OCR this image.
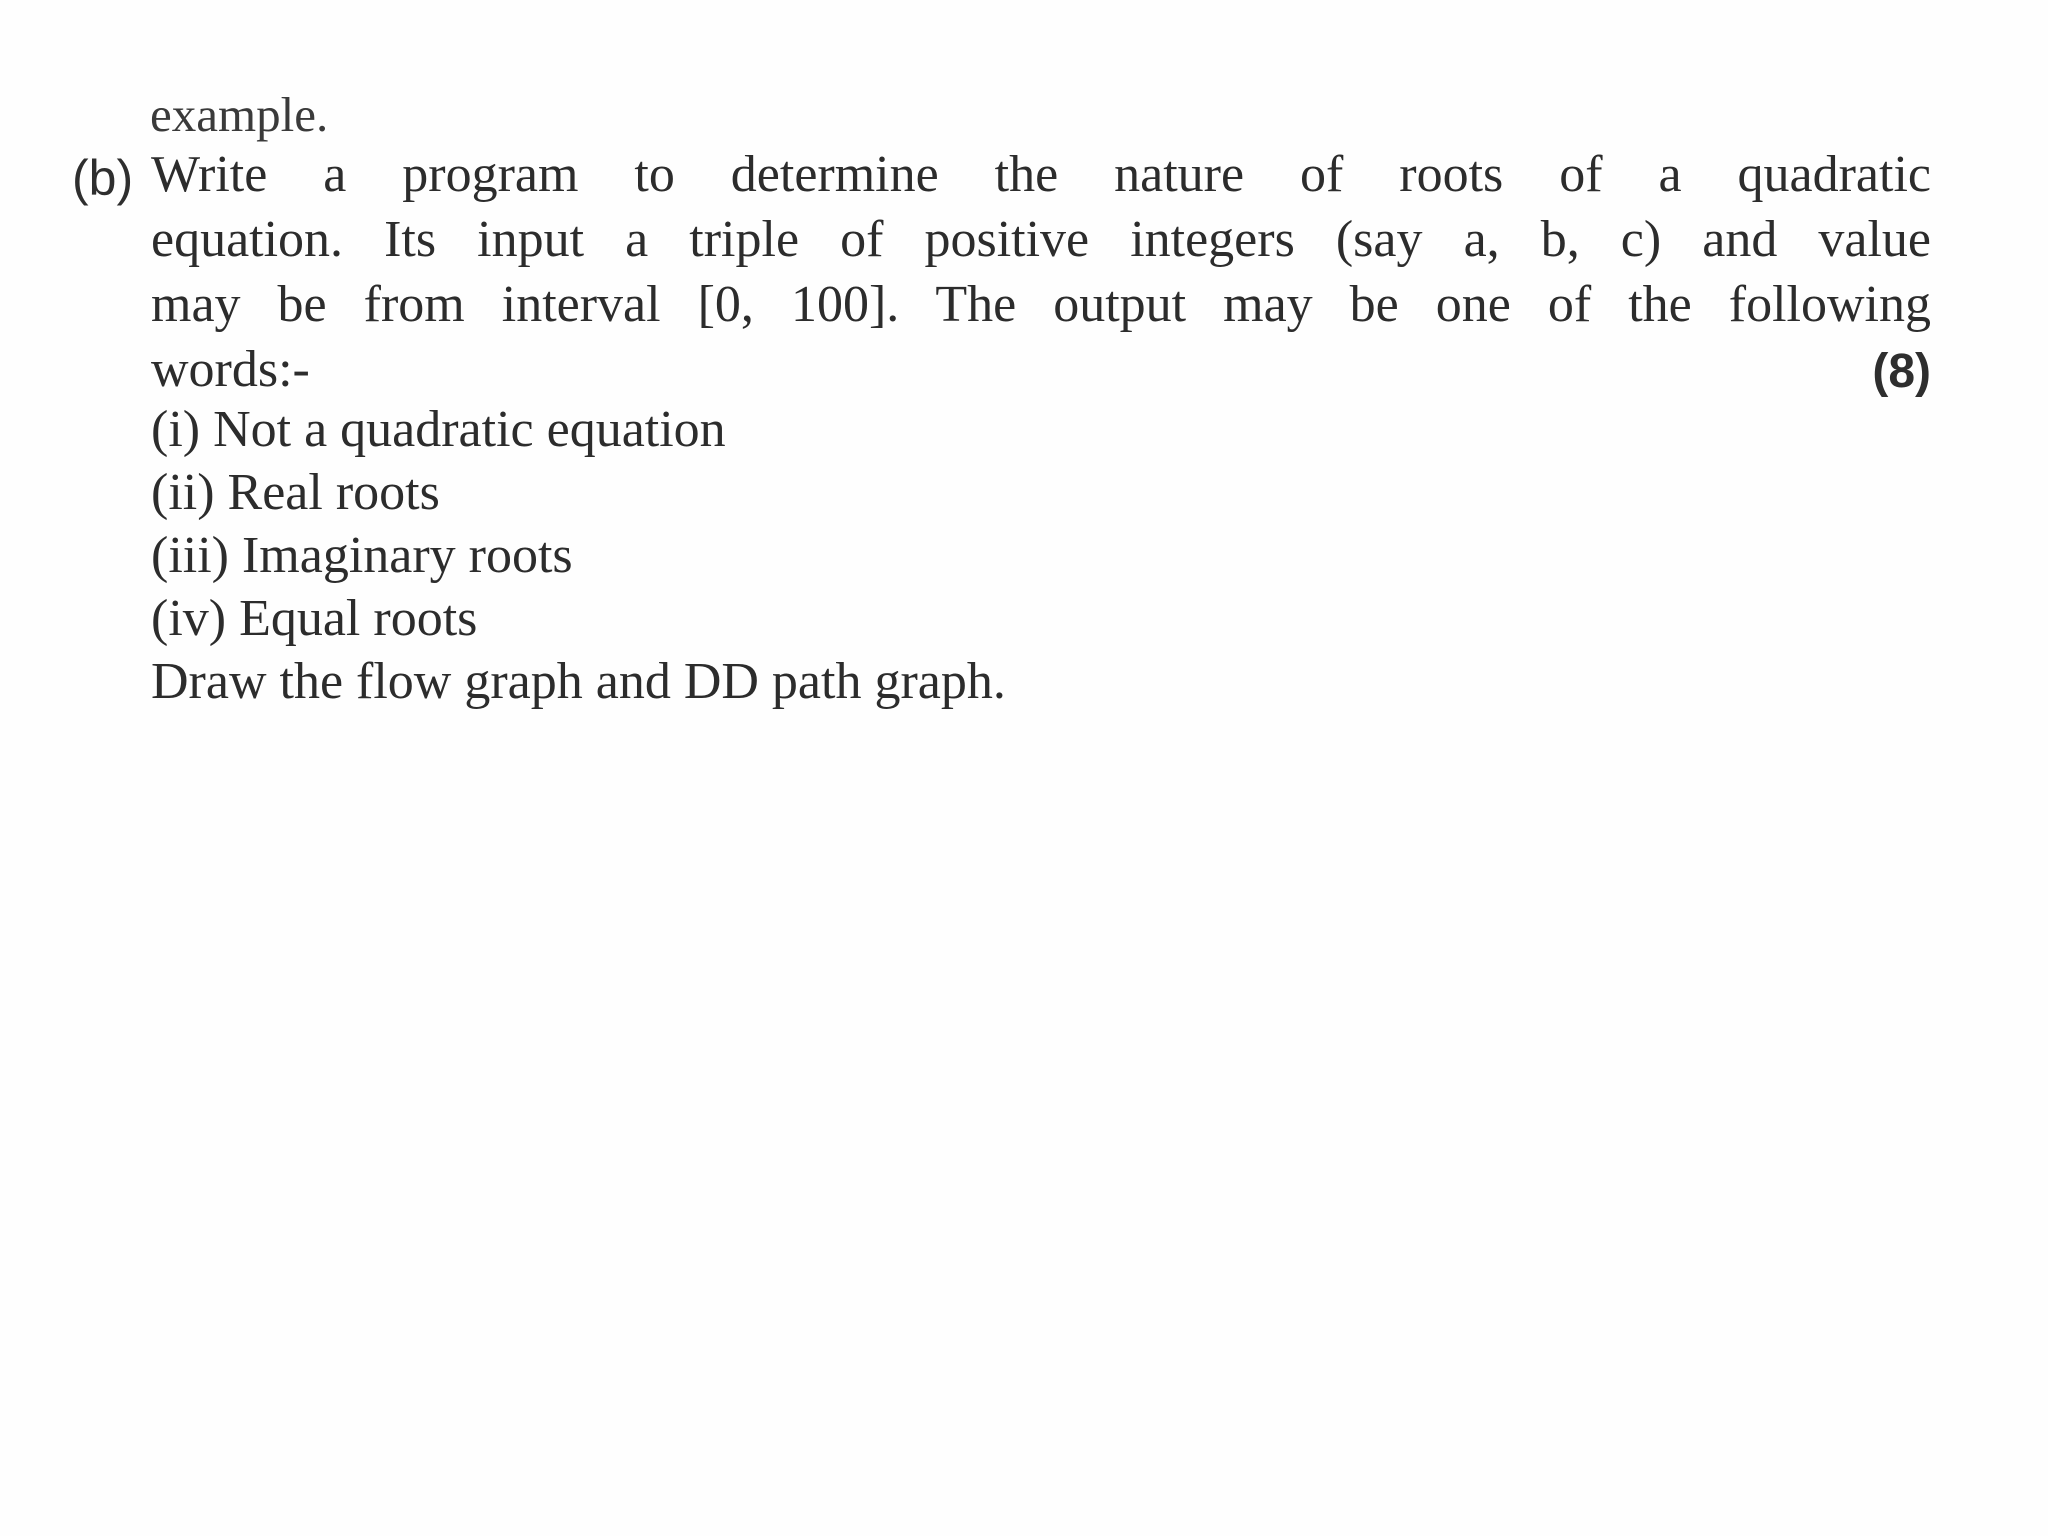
example.
(b) Write a program to determine the nature of roots of a quadratic
equation. Its input a triple of positive integers (say a, b, c) and value
may be from interval [0, 100]. The output may be one of the following
words:-	(8)
(i) Not a quadratic equation
(ii) Real roots
(iii) Imaginary roots
(iv) Equal roots
Draw the flow graph and DD path graph.
